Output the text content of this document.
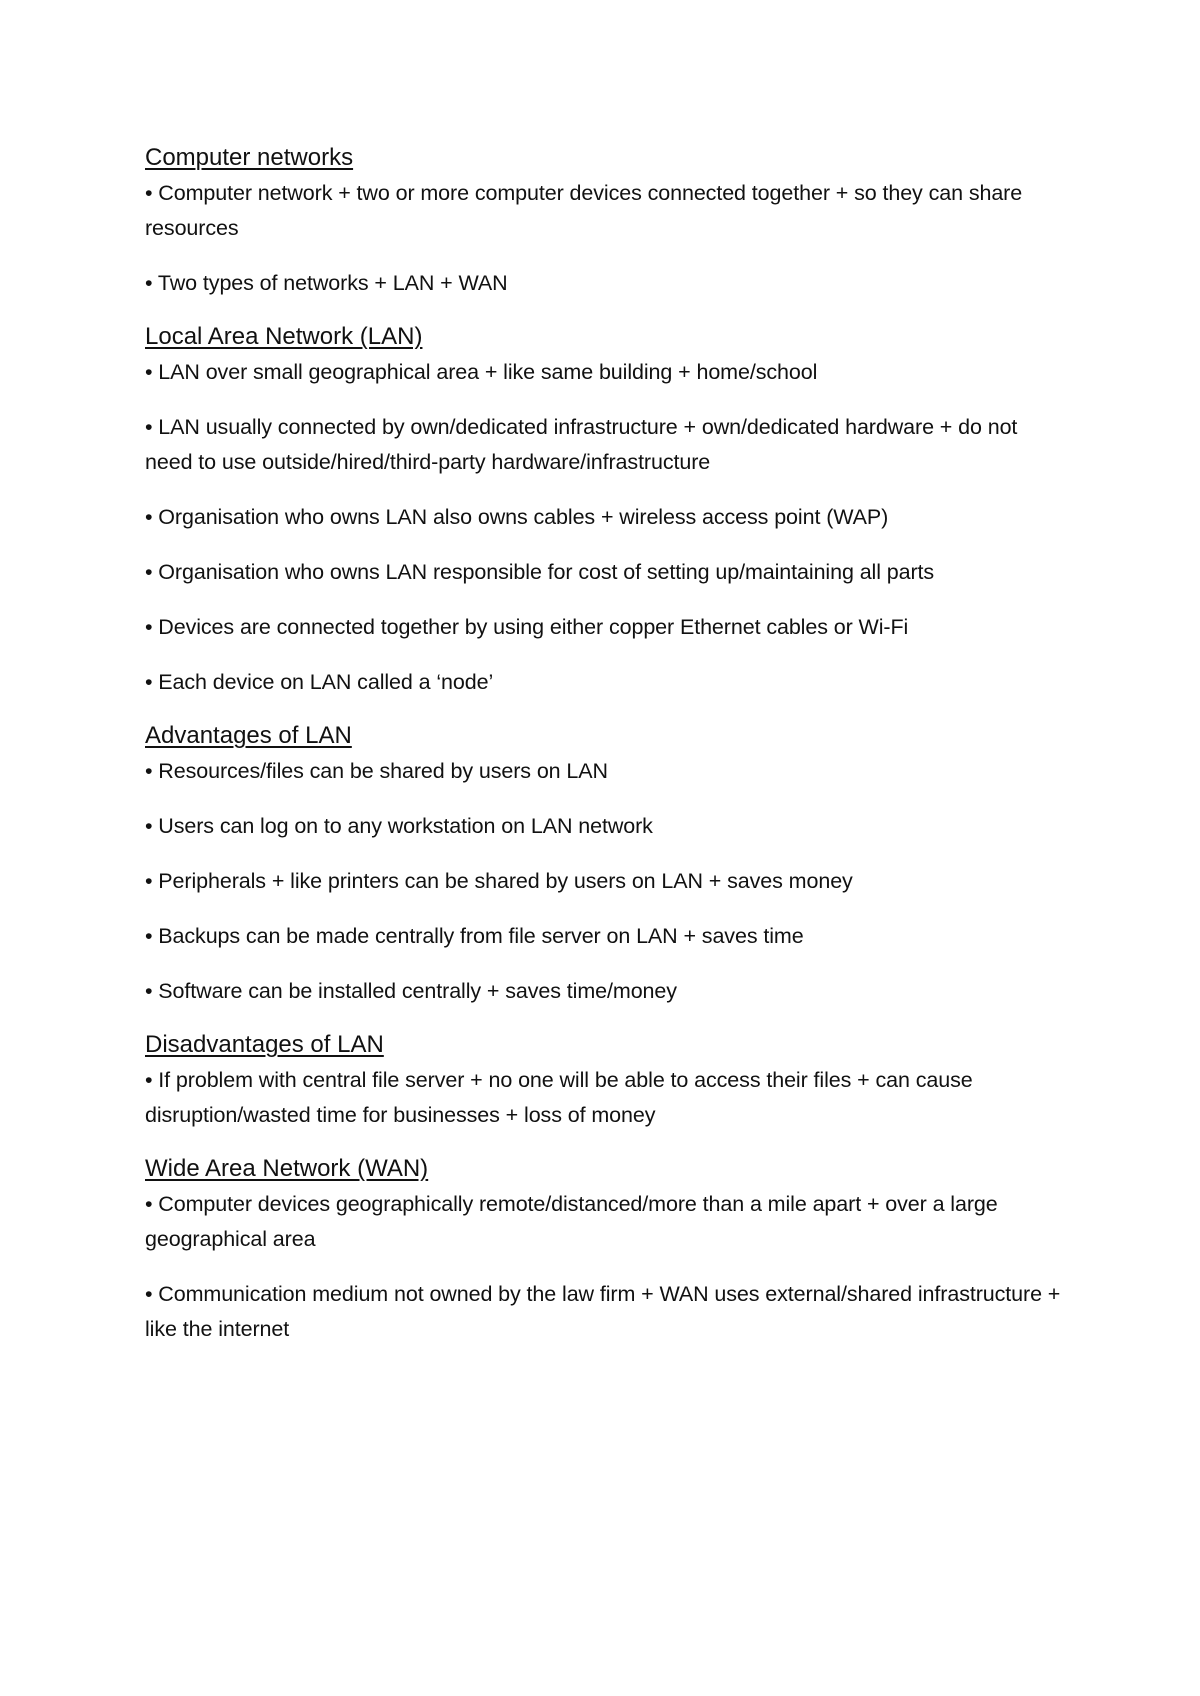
Computer networks

• Computer network + two or more computer devices connected together + so they can share resources

• Two types of networks + LAN + WAN

Local Area Network (LAN)

• LAN over small geographical area + like same building + home/school

• LAN usually connected by own/dedicated infrastructure + own/dedicated hardware + do not need to use outside/hired/third-party hardware/infrastructure

• Organisation who owns LAN also owns cables + wireless access point (WAP)

• Organisation who owns LAN responsible for cost of setting up/maintaining all parts

• Devices are connected together by using either copper Ethernet cables or Wi-Fi

• Each device on LAN called a ‘node’

Advantages of LAN

• Resources/files can be shared by users on LAN

• Users can log on to any workstation on LAN network

• Peripherals + like printers can be shared by users on LAN + saves money

• Backups can be made centrally from file server on LAN + saves time

• Software can be installed centrally + saves time/money

Disadvantages of LAN

• If problem with central file server + no one will be able to access their files + can cause disruption/wasted time for businesses + loss of money

Wide Area Network (WAN)

• Computer devices geographically remote/distanced/more than a mile apart + over a large geographical area

• Communication medium not owned by the law firm + WAN uses external/shared infrastructure + like the internet
